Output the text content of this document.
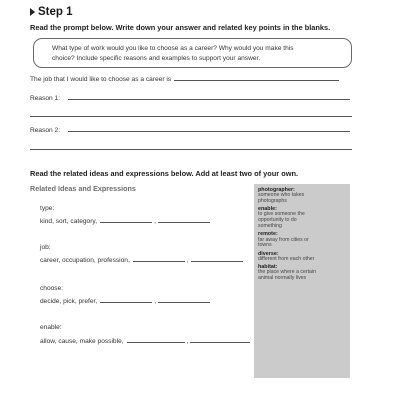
Step 1
Read the prompt below. Write down your answer and related key points in the blanks.
What type of work would you like to choose as a career? Why would you make this
choice? Include specific reasons and examples to support your answer.
The job that I would like to choose as a career is
Reason 1:
Reason 2:
Read the related ideas and expressions below. Add at least two of your own.
Related Ideas and Expressions
type:
kind, sort, category,	,
job:
career, occupation, profession,	,
choose:
decide, pick, prefer,	,
enable:
allow, cause, make possible,	,
photographer:
someone who takes
photographs
enable:
to give someone the
opportunity to do
something
remote:
far away from cities or
towns
diverse:
different from each other
habitat:
the place where a certain
animal normally lives
